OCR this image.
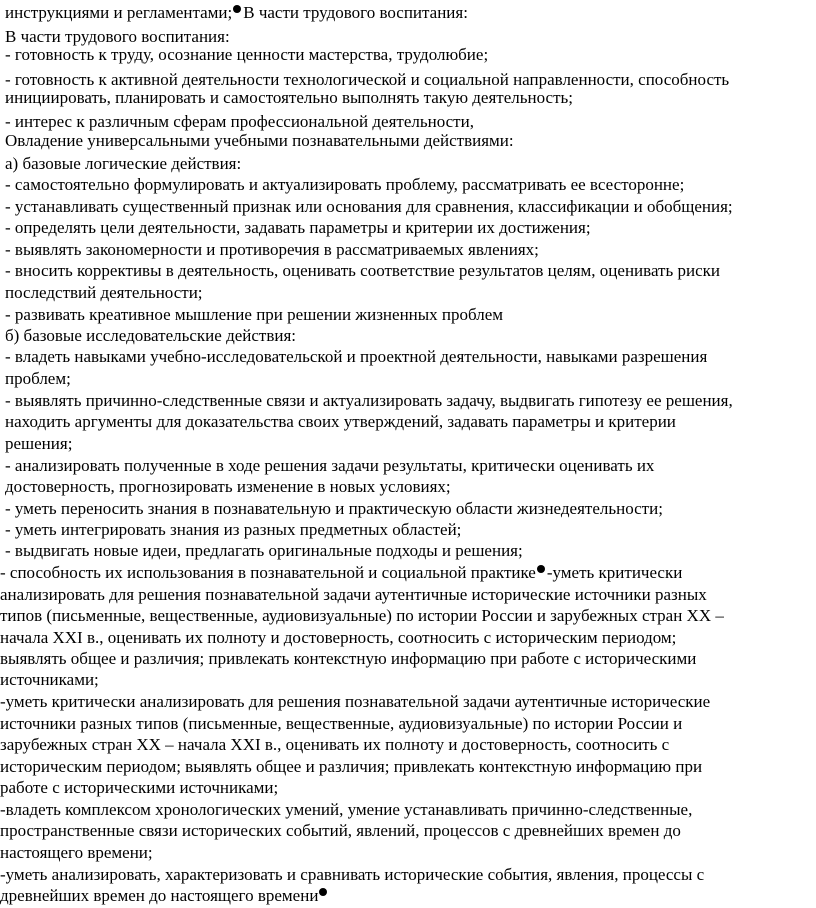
инструкциями и регламентами; В части трудового воспитания:
В части трудового воспитания:
- готовность к труду, осознание ценности мастерства, трудолюбие;
- готовность к активной деятельности технологической и социальной направленности, способность
инициировать, планировать и самостоятельно выполнять такую деятельность;
- интерес к различным сферам профессиональной деятельности,
Овладение универсальными учебными познавательными действиями:
а) базовые логические действия:
- самостоятельно формулировать и актуализировать проблему, рассматривать ее всесторонне;
- устанавливать существенный признак или основания для сравнения, классификации и обобщения;
- определять цели деятельности, задавать параметры и критерии их достижения;
- выявлять закономерности и противоречия в рассматриваемых явлениях;
- вносить коррективы в деятельность, оценивать соответствие результатов целям, оценивать риски
последствий деятельности;
- развивать креативное мышление при решении жизненных проблем
б) базовые исследовательские действия:
- владеть навыками учебно-исследовательской и проектной деятельности, навыками разрешения
проблем;
- выявлять причинно-следственные связи и актуализировать задачу, выдвигать гипотезу ее решения,
находить аргументы для доказательства своих утверждений, задавать параметры и критерии
решения;
- анализировать полученные в ходе решения задачи результаты, критически оценивать их
достоверность, прогнозировать изменение в новых условиях;
- уметь переносить знания в познавательную и практическую области жизнедеятельности;
- уметь интегрировать знания из разных предметных областей;
- выдвигать новые идеи, предлагать оригинальные подходы и решения;
- способность их использования в познавательной и социальной практике -уметь критически
анализировать для решения познавательной задачи аутентичные исторические источники разных
типов (письменные, вещественные, аудиовизуальные) по истории России и зарубежных стран XX –
начала XXI в., оценивать их полноту и достоверность, соотносить с историческим периодом;
выявлять общее и различия; привлекать контекстную информацию при работе с историческими
источниками;
-уметь критически анализировать для решения познавательной задачи аутентичные исторические
источники разных типов (письменные, вещественные, аудиовизуальные) по истории России и
зарубежных стран XX – начала XXI в., оценивать их полноту и достоверность, соотносить с
историческим периодом; выявлять общее и различия; привлекать контекстную информацию при
работе с историческими источниками;
-владеть комплексом хронологических умений, умение устанавливать причинно-следственные,
пространственные связи исторических событий, явлений, процессов с древнейших времен до
настоящего времени;
-уметь анализировать, характеризовать и сравнивать исторические события, явления, процессы с
древнейших времен до настоящего времени
